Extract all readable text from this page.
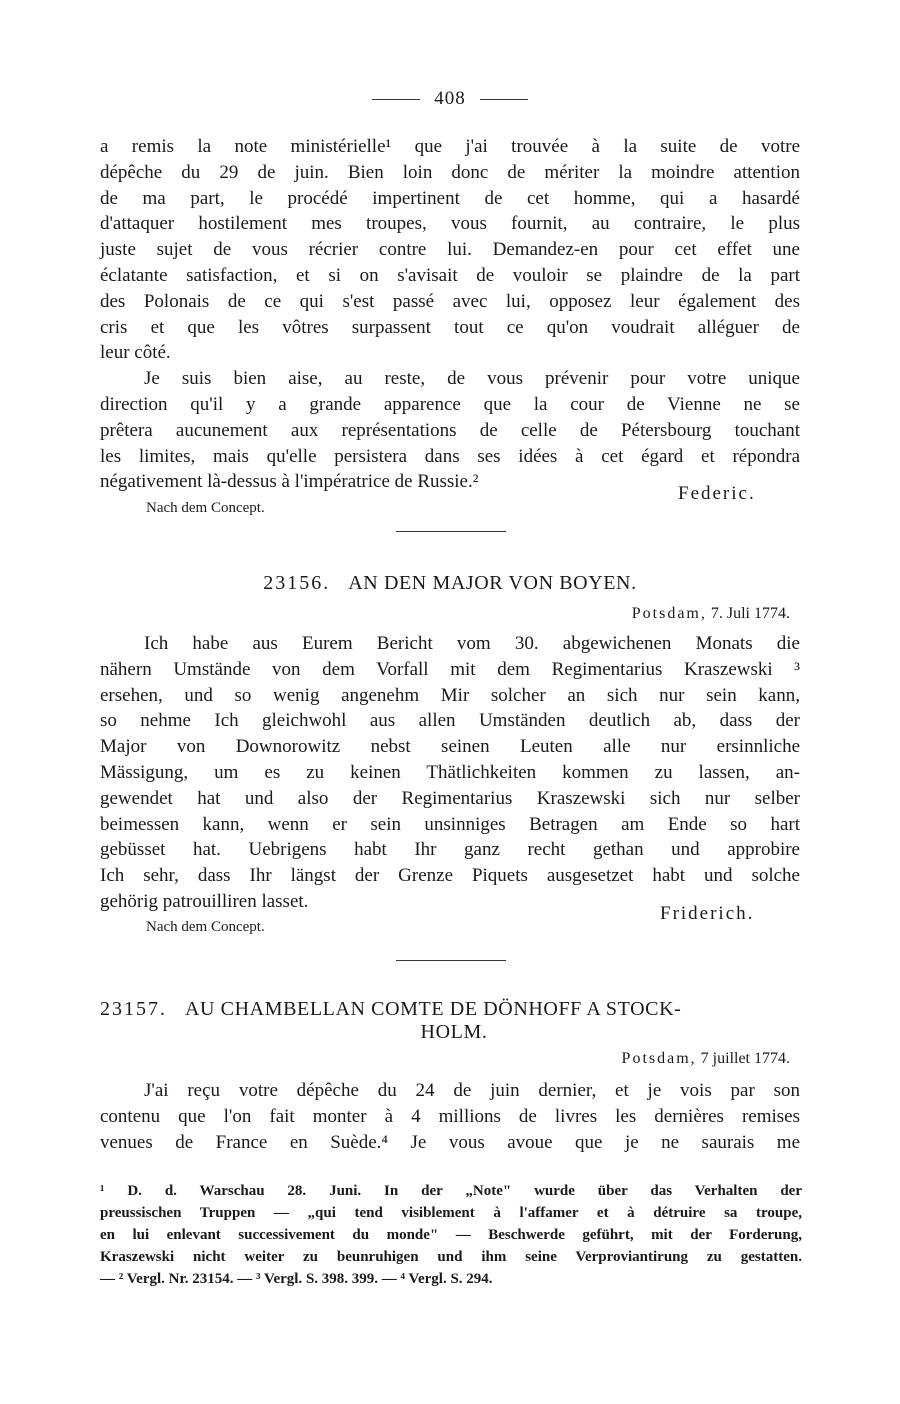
408
a remis la note ministérielle¹ que j'ai trouvée à la suite de votre
dépêche du 29 de juin. Bien loin donc de mériter la moindre attention
de ma part, le procédé impertinent de cet homme, qui a hasardé
d'attaquer hostilement mes troupes, vous fournit, au contraire, le plus
juste sujet de vous récrier contre lui. Demandez-en pour cet effet une
éclatante satisfaction, et si on s'avisait de vouloir se plaindre de la part
des Polonais de ce qui s'est passé avec lui, opposez leur également des
cris et que les vôtres surpassent tout ce qu'on voudrait alléguer de
leur côté.
Je suis bien aise, au reste, de vous prévenir pour votre unique
direction qu'il y a grande apparence que la cour de Vienne ne se
prêtera aucunement aux représentations de celle de Pétersbourg touchant
les limites, mais qu'elle persistera dans ses idées à cet égard et répondra
négativement là-dessus à l'impératrice de Russie.²
Federic.
Nach dem Concept.
23156. AN DEN MAJOR VON BOYEN.
Potsdam, 7. Juli 1774.
Ich habe aus Eurem Bericht vom 30. abgewichenen Monats die
nähern Umstände von dem Vorfall mit dem Regimentarius Kraszewski ³
ersehen, und so wenig angenehm Mir solcher an sich nur sein kann,
so nehme Ich gleichwohl aus allen Umständen deutlich ab, dass der
Major von Downorowitz nebst seinen Leuten alle nur ersinnliche
Mässigung, um es zu keinen Thätlichkeiten kommen zu lassen, an-
gewendet hat und also der Regimentarius Kraszewski sich nur selber
beimessen kann, wenn er sein unsinniges Betragen am Ende so hart
gebüsset hat. Uebrigens habt Ihr ganz recht gethan und approbire
Ich sehr, dass Ihr längst der Grenze Piquets ausgesetzet habt und solche
gehörig patrouilliren lasset.
Friderich.
Nach dem Concept.
23157. AU CHAMBELLAN COMTE DE DÖNHOFF A STOCK-
HOLM.
Potsdam, 7 juillet 1774.
J'ai reçu votre dépêche du 24 de juin dernier, et je vois par son
contenu que l'on fait monter à 4 millions de livres les dernières remises
venues de France en Suède.⁴ Je vous avoue que je ne saurais me
¹ D. d. Warschau 28. Juni. In der „Note" wurde über das Verhalten der
preussischen Truppen — „qui tend visiblement à l'affamer et à détruire sa troupe,
en lui enlevant successivement du monde" — Beschwerde geführt, mit der Forderung,
Kraszewski nicht weiter zu beunruhigen und ihm seine Verproviantirung zu gestatten.
— ² Vergl. Nr. 23154. — ³ Vergl. S. 398. 399. — ⁴ Vergl. S. 294.
